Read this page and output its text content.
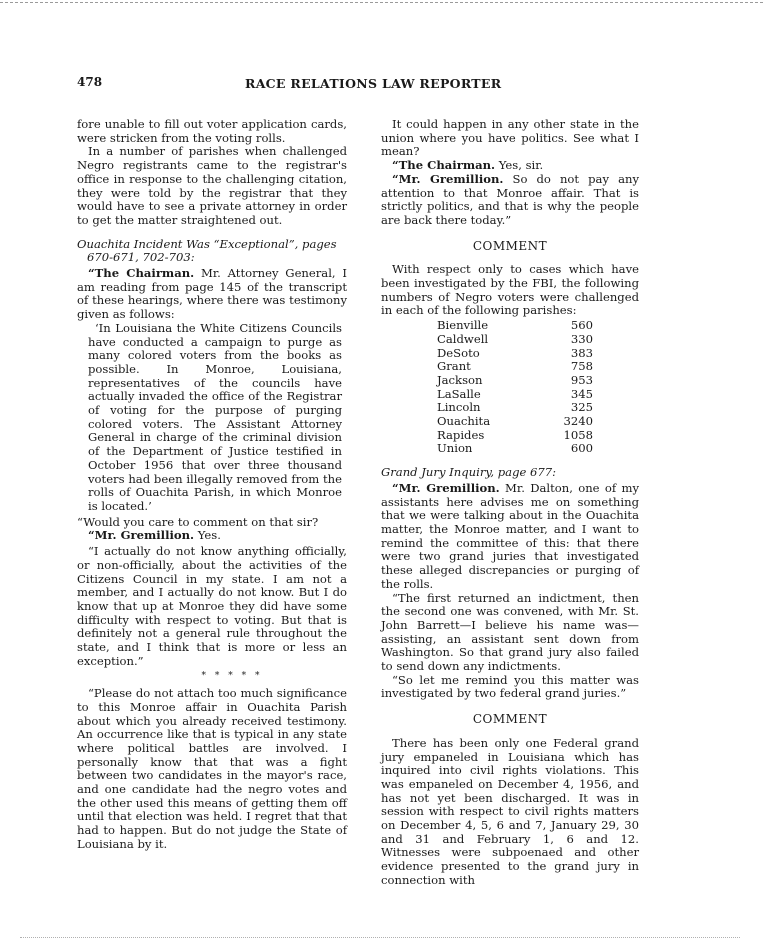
478	RACE RELATIONS LAW REPORTER

fore unable to fill out voter application cards, were stricken from the voting rolls.

In a number of parishes when challenged Negro registrants came to the registrar's office in response to the challenging citation, they were told by the registrar that they would have to see a private attorney in order to get the matter straightened out.

Ouachita Incident Was “Exceptional”, pages 670-671, 702-703:

“The Chairman. Mr. Attorney General, I am reading from page 145 of the transcript of these hearings, where there was testimony given as follows:

‘In Louisiana the White Citizens Councils have conducted a campaign to purge as many colored voters from the books as possible. In Monroe, Louisiana, representatives of the councils have actually invaded the office of the Registrar of voting for the purpose of purging colored voters. The Assistant Attorney General in charge of the criminal division of the Department of Justice testified in October 1956 that over three thousand voters had been illegally removed from the rolls of Ouachita Parish, in which Monroe is located.’

“Would you care to comment on that sir?

“Mr. Gremillion. Yes.

“I actually do not know anything officially, or non-officially, about the activities of the Citizens Council in my state. I am not a member, and I actually do not know. But I do know that up at Monroe they did have some difficulty with respect to voting. But that is definitely not a general rule throughout the state, and I think that is more or less an exception.”

* * * * *

“Please do not attach too much significance to this Monroe affair in Ouachita Parish about which you already received testimony. An occurrence like that is typical in any state where political battles are involved. I personally know that that was a fight between two candidates in the mayor's race, and one candidate had the negro votes and the other used this means of getting them off until that election was held. I regret that that had to happen. But do not judge the State of Louisiana by it.

It could happen in any other state in the union where you have politics. See what I mean?

“The Chairman. Yes, sir.

“Mr. Gremillion. So do not pay any attention to that Monroe affair. That is strictly politics, and that is why the people are back there today.”

COMMENT

With respect only to cases which have been investigated by the FBI, the following numbers of Negro voters were challenged in each of the following parishes:

Bienville	560
Caldwell	330
DeSoto	383
Grant	758
Jackson	953
LaSalle	345
Lincoln	325
Ouachita	3240
Rapides	1058
Union	600

Grand Jury Inquiry, page 677:

“Mr. Gremillion. Mr. Dalton, one of my assistants here advises me on something that we were talking about in the Ouachita matter, the Monroe matter, and I want to remind the committee of this: that there were two grand juries that investigated these alleged discrepancies or purging of the rolls.

“The first returned an indictment, then the second one was convened, with Mr. St. John Barrett—I believe his name was—assisting, an assistant sent down from Washington. So that grand jury also failed to send down any indictments.

“So let me remind you this matter was investigated by two federal grand juries.”

COMMENT

There has been only one Federal grand jury empaneled in Louisiana which has inquired into civil rights violations. This was empaneled on December 4, 1956, and has not yet been discharged. It was in session with respect to civil rights matters on December 4, 5, 6 and 7, January 29, 30 and 31 and February 1, 6 and 12. Witnesses were subpoenaed and other evidence presented to the grand jury in connection with
